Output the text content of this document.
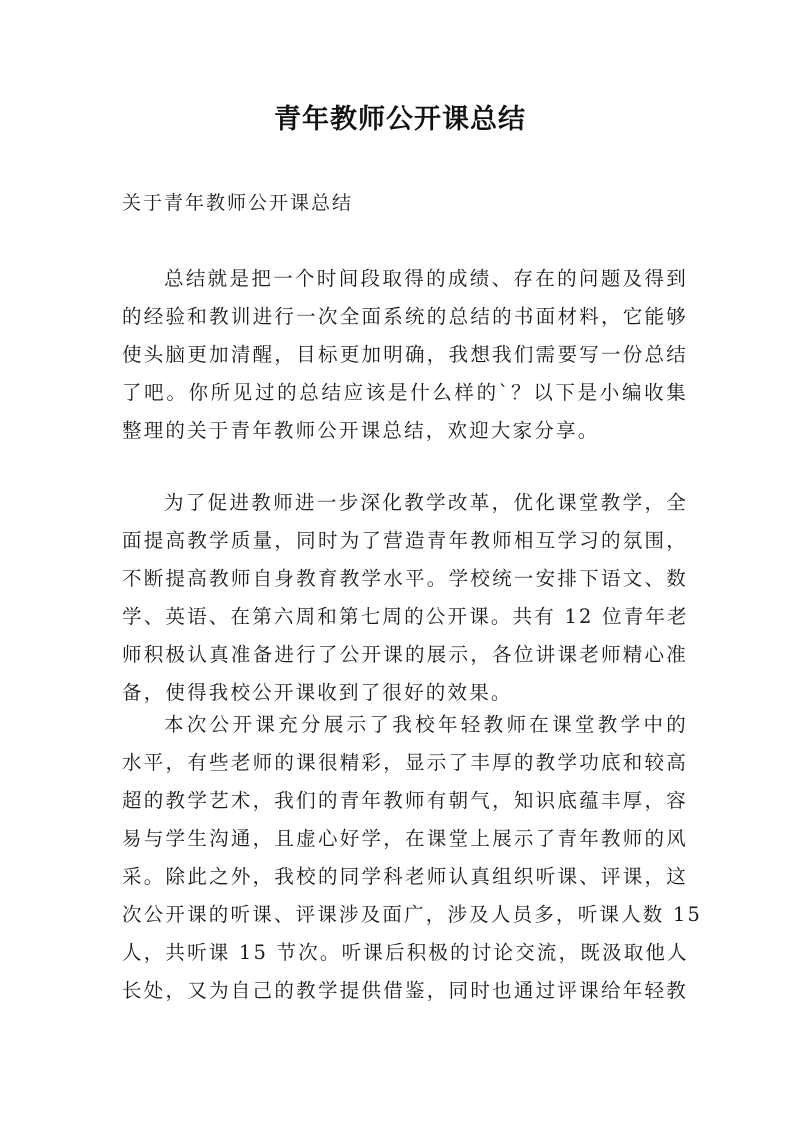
青年教师公开课总结
关于青年教师公开课总结
总结就是把一个时间段取得的成绩、存在的问题及得到
的经验和教训进行一次全面系统的总结的书面材料，它能够
使头脑更加清醒，目标更加明确，我想我们需要写一份总结
了吧。你所见过的总结应该是什么样的`？以下是小编收集
整理的关于青年教师公开课总结，欢迎大家分享。
为了促进教师进一步深化教学改革，优化课堂教学，全
面提高教学质量，同时为了营造青年教师相互学习的氛围，
不断提高教师自身教育教学水平。学校统一安排下语文、数
学、英语、在第六周和第七周的公开课。共有 12 位青年老
师积极认真准备进行了公开课的展示，各位讲课老师精心准
备，使得我校公开课收到了很好的效果。
本次公开课充分展示了我校年轻教师在课堂教学中的
水平，有些老师的课很精彩，显示了丰厚的教学功底和较高
超的教学艺术，我们的青年教师有朝气，知识底蕴丰厚，容
易与学生沟通，且虚心好学，在课堂上展示了青年教师的风
采。除此之外，我校的同学科老师认真组织听课、评课，这
次公开课的听课、评课涉及面广，涉及人员多，听课人数 15
人，共听课 15 节次。听课后积极的讨论交流，既汲取他人
长处，又为自己的教学提供借鉴，同时也通过评课给年轻教
